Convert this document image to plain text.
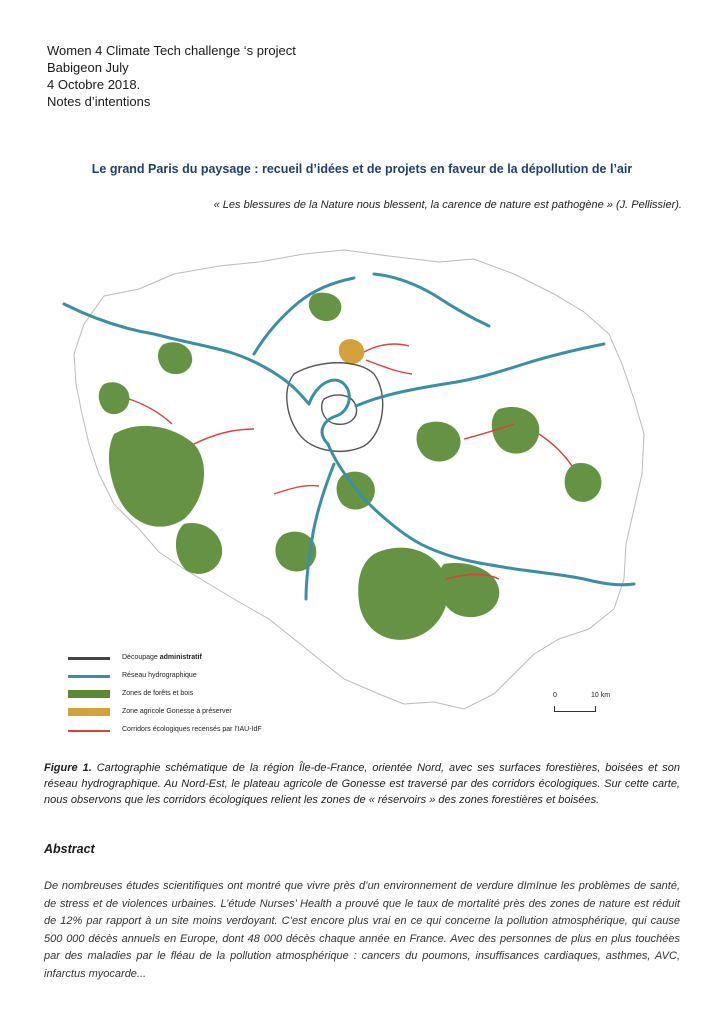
Women 4 Climate Tech challenge ‘s project
Babigeon July
4 Octobre 2018.
Notes d’intentions
Le grand Paris du paysage : recueil d’idées et de projets en faveur de la dépollution de l’air
« Les blessures de la Nature nous blessent, la carence de nature est pathogène » (J. Pellissier).
Découpage administratif
Réseau hydrographique
Zones de forêts et bois
Zone agricole Gonesse à préserver
Corridors écologiques recensés par l’IAU-IdF
0	10 km
Figure 1. Cartographie schématique de la région Île-de-France, orientée Nord, avec ses surfaces forestières, boisées et son réseau hydrographique. Au Nord-Est, le plateau agricole de Gonesse est traversé par des corridors écologiques. Sur cette carte, nous observons que les corridors écologiques relient les zones de « réservoirs » des zones forestières et boisées.
Abstract
De nombreuses études scientifiques ont montré que vivre près d’un environnement de verdure dImInue les problèmes de santé, de stress et de violences urbaines. L’étude Nurses’ Health a prouvé que le taux de mortalité près des zones de nature est réduit de 12% par rapport à un site moins verdoyant. C’est encore plus vrai en ce qui concerne la pollution atmosphérique, qui cause 500 000 décès annuels en Europe, dont 48 000 décès chaque année en France. Avec des personnes de plus en plus touchées par des maladies par le fléau de la pollution atmosphérique : cancers du poumons, insuffisances cardiaques, asthmes, AVC, infarctus myocarde...
